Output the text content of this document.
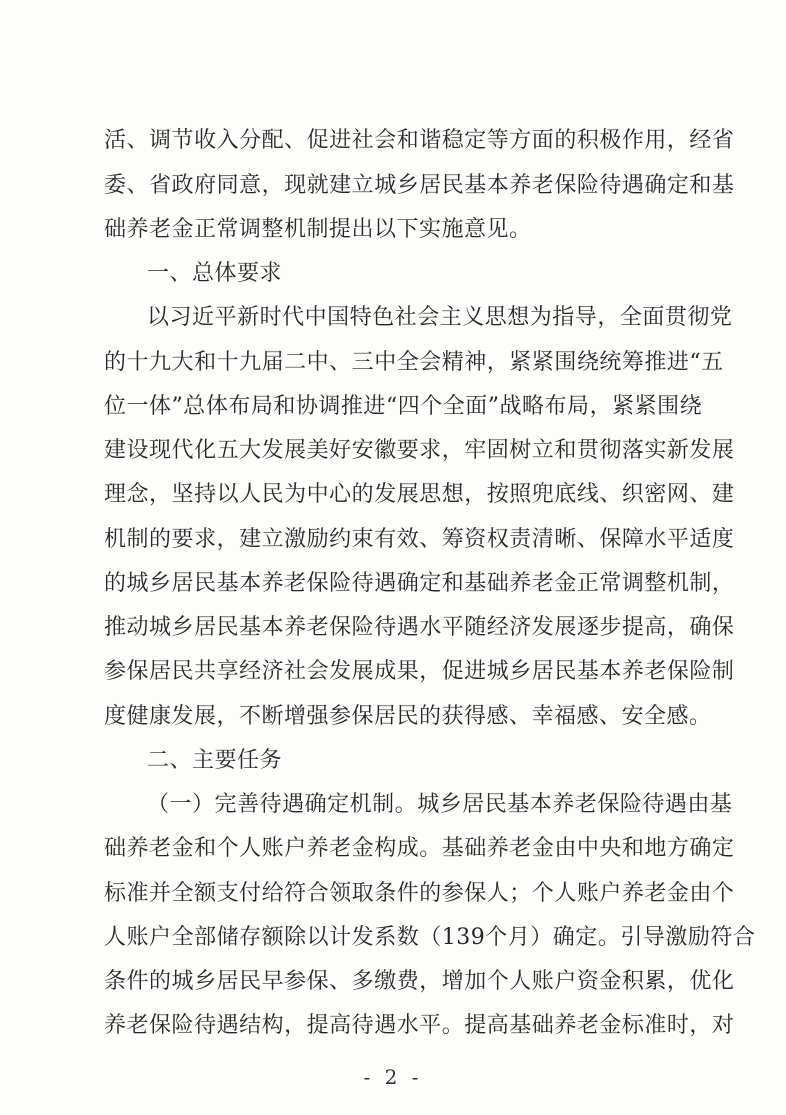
活 、 调 节 收 入 分 配 、 促 进 社 会 和 谐 稳 定 等 方 面 的 积 极 作 用 ， 经 省
委 、 省 政 府 同 意 ， 现 就 建 立 城 乡 居 民 基 本 养 老 保 险 待 遇 确 定 和 基
础养老金正常调整机制提出以下实施意见。
一、总体要求
以 习 近 平 新 时 代 中 国 特 色 社 会 主 义 思 想 为 指 导 ， 全 面 贯 彻 党
的 十 九 大 和 十 九 届 二 中 、 三 中 全 会 精 神 ， 紧 紧 围 绕 统 筹 推 进 “ 五
位 一 体 ” 总 体 布 局 和 协 调 推 进 “ 四 个 全 面 ” 战 略 布 局 ， 紧 紧 围 绕
建 设 现 代 化 五 大 发 展 美 好 安 徽 要 求 ， 牢 固 树 立 和 贯 彻 落 实 新 发 展
理 念 ， 坚 持 以 人 民 为 中 心 的 发 展 思 想 ， 按 照 兜 底 线 、 织 密 网 、 建
机 制 的 要 求 ， 建 立 激 励 约 束 有 效 、 筹 资 权 责 清 晰 、 保 障 水 平 适 度
的 城 乡 居 民 基 本 养 老 保 险 待 遇 确 定 和 基 础 养 老 金 正 常 调 整 机 制 ，
推 动 城 乡 居 民 基 本 养 老 保 险 待 遇 水 平 随 经 济 发 展 逐 步 提 高 ， 确 保
参 保 居 民 共 享 经 济 社 会 发 展 成 果 ， 促 进 城 乡 居 民 基 本 养 老 保 险 制
度健康发展，不断增强参保居民的获得感、幸福感、安全感。
二、主要任务
（ 一 ） 完 善 待 遇 确 定 机 制 。 城 乡 居 民 基 本 养 老 保 险 待 遇 由 基
础 养 老 金 和 个 人 账 户 养 老 金 构 成 。 基 础 养 老 金 由 中 央 和 地 方 确 定
标 准 并 全 额 支 付 给 符 合 领 取 条 件 的 参 保 人 ； 个 人 账 户 养 老 金 由 个
人 账 户 全 部 储 存 额 除 以 计 发 系 数 （ 139 个 月 ） 确 定 。 引 导 激 励 符 合
条 件 的 城 乡 居 民 早 参 保 、 多 缴 费 ， 增 加 个 人 账 户 资 金 积 累 ， 优 化
养 老 保 险 待 遇 结 构 ， 提 高 待 遇 水 平 。 提 高 基 础 养 老 金 标 准 时 ， 对
- 2 -
